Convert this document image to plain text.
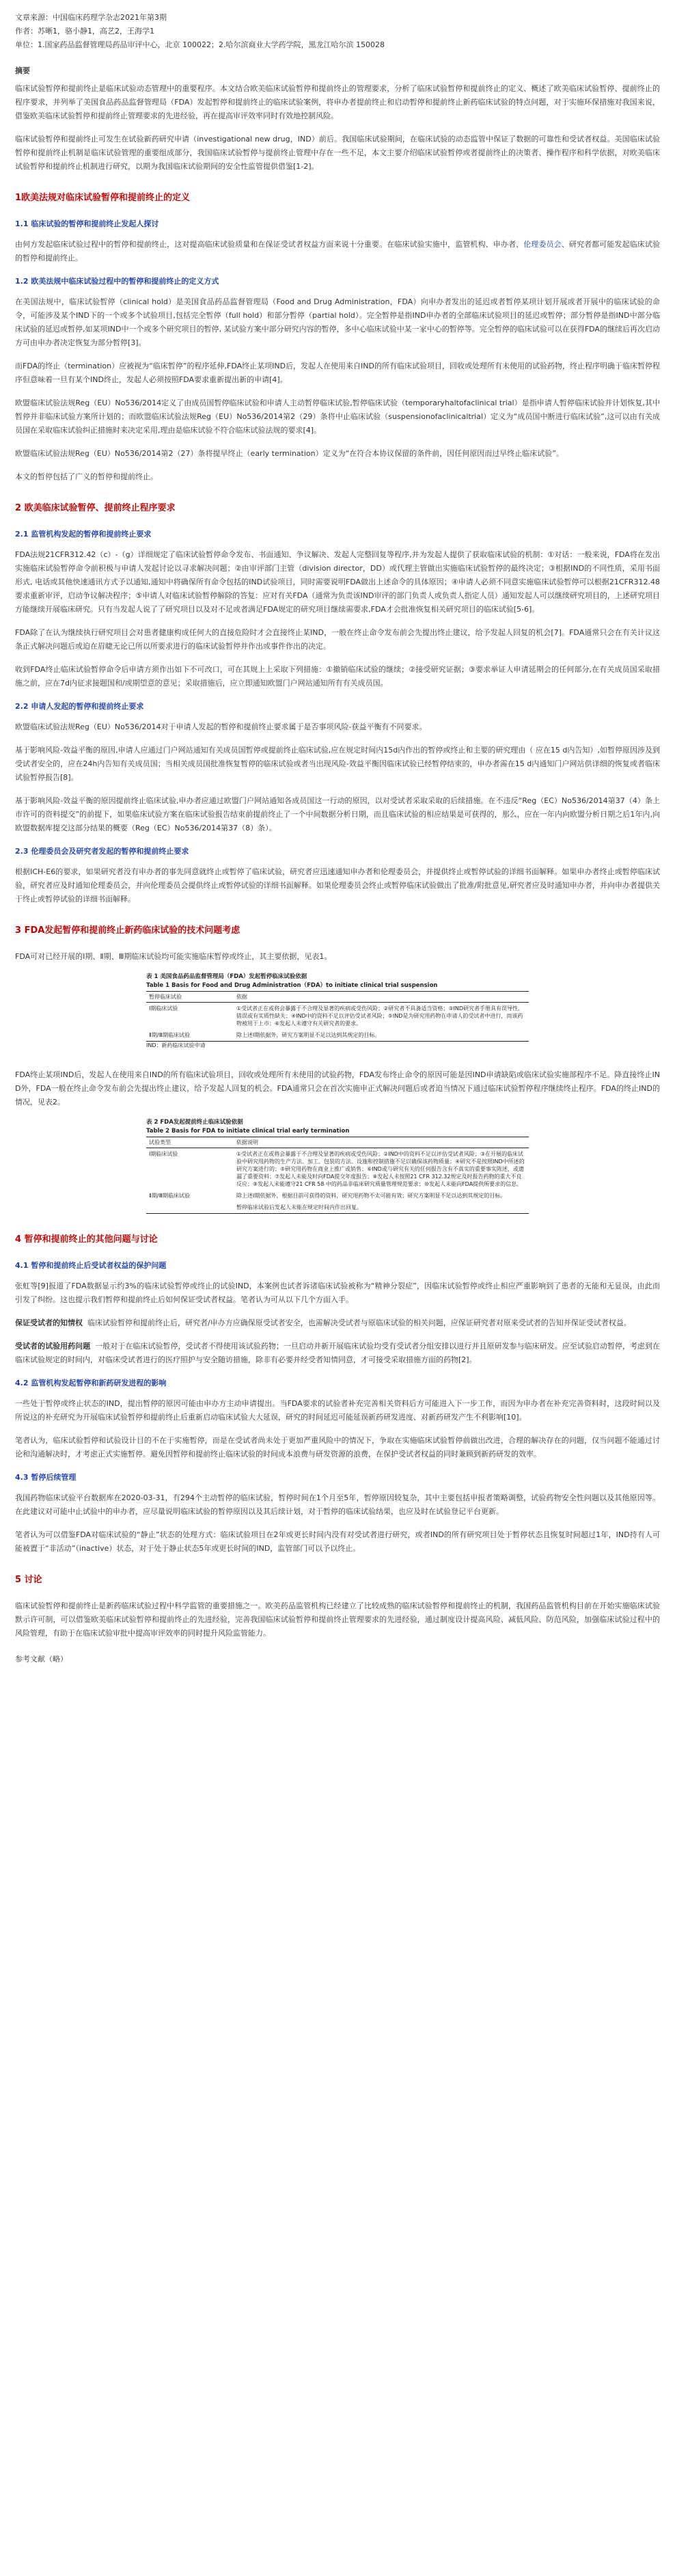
文章来源：中国临床药理学杂志2021年第3期

作者：苏晰1，骆小静1，高艺2，王海学1

单位：1.国家药品监督管理局药品审评中心，北京 100022；2.哈尔滨商业大学药学院，黑龙江哈尔滨 150028

摘要

临床试验暂停和提前终止是临床试验动态管理中的重要程序。本文结合欧美临床试验暂停和提前终止的管理要求，分析了临床试验暂停和提前终止的定义、概述了欧美临床试验暂停、提前终止的程序要求，并列举了美国食品药品监督管理局（FDA）发起暂停和提前终止的临床试验案例，将申办者提前终止和启动暂停和提前终止新药临床试验的特点问题，对于实施环保措施对我国来说，借鉴欧美临床试验暂停和提前终止管理要求的先进经验，再在提高审评效率同时有效地控制风险。

临床试验暂停和提前终止可发生在试验新药研究申请（investigational new drug，IND）前后。我国临床试验期间，在临床试验的动态监管中保证了数据的可靠性和受试者权益。美国临床试验暂停和提前终止机制是临床试验管理的重要组成部分，我国临床试验暂停与提前终止管理中存在一些不足，本文主要介绍临床试验暂停或者提前终止的决策者、操作程序和科学依据，对欧美临床试验暂停和提前终止机制进行研究，以期为我国临床试验期间的安全性监管提供借鉴[1-2]。

1欧美法规对临床试验暂停和提前终止的定义
1.1 临床试验的暂停和提前终止发起人探讨

由何方发起临床试验过程中的暂停和提前终止，这对提高临床试验质量和在保证受试者权益方面来说十分重要。在临床试验实施中，监管机构、申办者、伦理委员会、研究者都可能发起临床试验的暂停和提前终止。

1.2 欧美法规中临床试验过程中的暂停和提前终止的定义方式

在美国法规中，临床试验暂停（clinical hold）是美国食品药品监督管理局（Food and Drug Administration，FDA）向申办者发出的延迟或者暂停某项计划开展或者开展中的临床试验的命令，可能涉及某个IND下的一个或多个试验项目,包括完全暂停（full hold）和部分暂停（partial hold）。完全暂停是指IND申办者的全部临床试验项目的延迟或暂停；部分暂停是指IND中部分临床试验的延迟或暂停,如某项IND中一个或多个研究项目的暂停, 某试验方案中部分研究内容的暂停，多中心临床试验中某一家中心的暂停等。完全暂停的临床试验可以在获得FDA的继续后再次启动方可由申办者决定恢复为部分暂停[3]。

而FDA的终止（termination）应被视为“临床暂停”的程序延伸,FDA终止某项IND后，发起人在使用来自IND的所有临床试验项目，回收或处理所有未使用的试验药物，终止程序明确于临床暂停程序但意味着一旦有某个IND终止，发起人必须按照FDA要求重新提出新的申请[4]。

欧盟临床试验法规Reg（EU）No536/2014定义了由成员国暂停临床试验和申请人主动暂停临床试验,暂停临床试验（temporaryhaltofaclinical trial）是指申请人暂停临床试验并计划恢复,其中暂停并非临床试验方案所计划的；而欧盟临床试验法规Reg（EU）No536/2014第2（29）条将中止临床试验（suspensionofaclinicaltrial）定义为“成员国中断进行临床试验”,这可以由有关成员国在采取临床试验纠正措施时来决定采用,理由是临床试验不符合临床试验法规的要求[4]。

欧盟临床试验法规Reg（EU）No536/2014第2（27）条将提早终止（early termination）定义为“在符合本协议保留的条件前，因任何原因而过早终止临床试验”。

本文的暂停包括了广义的暂停和提前终止。

2 欧美临床试验暂停、提前终止程序要求
2.1 监管机构发起的暂停和提前终止要求

FDA法规21CFR312.42（c）-（g）详细规定了临床试验暂停命令发布、书面通知、争议解决、发起人完整回复等程序,并为发起人提供了获取临床试验的机制：①对话：一般来说，FDA将在发出实施临床试验暂停命令前积极与申请人发起讨论以寻求解决问题；②由审评部门主管（division director，DD）或代理主管做出实施临床试验暂停的最终决定；③根据IND的不同性质，采用书面形式, 电话或其他快速通讯方式予以通知,通知中将确保所有命令包括的IND试验项目，同时需要说明FDA做出上述命令的具体原因；④申请人必须不同意实施临床试验暂停可以根据21CFR312.48要求重新审评，启动争议解决程序；⑤申请人对临床试验暂停解除的答复：应对有关FDA（通常为负责该IND审评的部门负责人或负责人指定人员）通知发起人可以继续研究项目的，上述研究项目方能继续开展临床研究。只有当发起人说了了研究项目以及对不足或者满足FDA规定的研究项目继续需要求,FDA才会批准恢复相关研究项目的临床试验[5-6]。

FDA除了在认为继续执行研究项目会对患者健康构成任何大的直接危险时才会直接终止某IND，一般在终止命令发布前会先提出终止建议，给予发起人回复的机会[7]。FDA通常只会在有关计议这条正式解决问题后或迫在眉睫无论已所以所要求进行的临床试验暂停并作出或事件作出的决定。

收到FDA终止临床试验暂停命令后申请方须作出如下不可改口，可在其规上上采取下列措施：①撤销临床试验的继续；②接受研究证据；③要求举证人申请延期会的任何部分,在有关成员国采取措施之前，应在7d内征求接题国和/或期望意的意见；采取措施后，应立即通知欧盟门户网站通知所有有关成员国。

2.2 申请人发起的暂停和提前终止要求

欧盟临床试验法规Reg（EU）No536/2014对于申请人发起的暂停和提前终止要求属于是否事项风险-获益平衡有不同要求。

基于影响风险-效益平衡的原因,申请人应通过门户网站通知有关成员国暂停或提前终止临床试验,应在规定时间内15d内作出的暂停或终止和主要的研究理由（ 应在15 d内告知）,如暂停原因涉及到受试者安全的，应在24h内告知有关成员国；当相关成员国批准恢复暂停的临床试验或者当出现风险-效益平衡因临床试验已经暂停结束的，申办者需在15 d内通知门户网站供详细的恢复或者临床试验暂停报告[8]。

基于影响风险-效益平衡的原因提前终止临床试验,申办者应通过欧盟门户网站通知各成员国这一行动的原因，以对受试者采取采取的后续措施。在不违反“Reg（EC）No536/2014第37（4）条上市许可的资料提交”的前提下，如果临床试验方案在临床试验报告结束前提前终止了一个中间数据分析日期，而且临床试验的相应结果是可获得的，那么，应在一年内向欧盟分析日期之后1年内,向欧盟数据库提交这部分结果的概要（Reg（EC）No536/2014第37（8）条）。

2.3 伦理委员会及研究者发起的暂停和提前终止要求

根据ICH-E6的要求，如果研究者没有申办者的事先同意就终止或暂停了临床试验，研究者应迅速通知申办者和伦理委员会，并提供终止或暂停试验的详细书面解释。如果申办者终止或暂停临床试验，研究者应及时通知伦理委员会，并向伦理委员会提供终止或暂停试验的详细书面解释。如果伦理委员会终止或暂停临床试验做出了批准/附批意见,研究者应及时通知申办者，并向申办者提供关于终止或暂停试验的详细书面解释。

3 FDA发起暂停和提前终止新药临床试验的技术问题考虑

FDA可对已经开展的Ⅰ期、Ⅱ期、Ⅲ期临床试验均可能实施临床暂停或终止，其主要依据，见表1。

表 1 美国食品药品监督管理局（FDA）发起暂停临床试验依据
Table 1 Basis for Food and Drug Administration（FDA）to initiate clinical trial suspension
暂停临床试验	依据
Ⅰ期临床试验	①受试者正在或将会暴露于不合理及显著的疾病或受伤风险；②研究者不具备适当资格；③IND研究者手册具有误导性、错误或有实质性缺失；④IND中的资料不足以评估受试者风险；⑤IND是为研究用药物在申请人的受试者中进行，而该药物被用于上市；⑥发起人未遵守有关研究者的要求。
Ⅱ期/Ⅲ期临床试验	除上述Ⅰ期依据外，研究方案明显不足以达到其规定的目标。
IND：新药临床试验申请

FDA终止某项IND后，发起人在使用来自IND的所有临床试验项目，回收或处理所有未使用的试验药物，FDA发布终止命令的原因可能是因IND申请缺陷或临床试验实施部程序不足。降直接终止IND外，FDA一般在终止命令发布前会先提出终止建议，给予发起人回复的机会。FDA通常只会在首次实施申正式解决问题后或者迫当情况下通过临床试验暂停程序继续终止程序。FDA的终止IND的情况，见表2。

表 2 FDA发起提前终止临床试验依据
Table 2 Basis for FDA to initiate clinical trial early termination
试验类型	依据说明
Ⅰ期临床试验	①受试者正在或将会暴露于不合理及显著的疾病或受伤风险；②IND中的资料不足以评估受试者风险；③在开展的临床试验中研究用药物的生产方法、加工、包装的方法、设施和控制措施不足以确保该药物质量；④研究不是按照IND中所述的研究方案进行的；⑤研究用药物在商业上推广或销售；⑥IND或与研究有关的任何报告含有不真实的重要事实陈述，或遗漏了重要资料；⑦发起人未能及时向FDA提交年度报告；⑧发起人未按照21 CFR 312.32规定及时报告药物的重大不良反应；⑨发起人未能遵守21 CFR 58 中的药品非临床研究质量管理规范要求；⑩发起人未能向FDA提供所要求的信息。
Ⅱ期/Ⅲ期临床试验	除上述Ⅰ期依据外，根据目前可获得的资料，研究用药物不太可能有效；研究方案明显不足以达到其规定的目标。
	暂停临床试验后发起人未能在规定时间内作出回复。
4 暂停和提前终止的其他问题与讨论
4.1 暂停和提前终止后受试者权益的保护问题

张虹等[9]报道了FDA数据显示约3%的临床试验暂停或终止的试验IND，本案例也试者诉诸临床试验被称为“精神分裂症”，因临床试验暂停或终止相应严重影响到了患者的无能和无显误，由此而引发了纠纷。这也提示我们暂停和提前终止后如何保证受试者权益。笔者认为可从以下几个方面入手。

保证受试者的知情权 临床试验暂停和提前终止后，研究者/申办方应确保原受试者安全，也需解决受试者与原临床试验的相关问题，应保证研究者对原来受试者的告知并保证受试者权益。

受试者的试验用药问题 一般对于在临床试验暂停，受试者不得使用该试验药物；一旦启动并新开展临床试验均受有受试者分组安排以进行并且原研发参与临床研发。应至试验启动暂停，考虑到在临床试验规定的时间内，对临床受试者进行的医疗照护与安全随访措施，除非有必要并经受者知情同意，才可接受采取措施方面的药物[2]。

4.2 监管机构发起暂停和新药研发进程的影响

一些处于暂停或终止状态的IND，提出暂停的原因可能由申办方主动申请提出。当FDA要求的试验者补充完善相关资料后方可能进入下一步工作，而因为申办者在补充完善资料时，这段时间以及所说这的补充研究为开展临床试验暂停和提前终止后重新启动临床试验大大延误，研究的时间延迟可能延误新药研发进度、对新药研发产生不利影响[10]。

笔者认为，临床试验暂停和试验设计目的不在于实施暂停，而是在受试者尚未处于更加严重风险中的情况下，争取在实施临床试验暂停前做出改进，合理的解决存在的问题，仅当问题不能通过讨论和沟通解决时，才考虑正式实施暂停。避免因暂停和提前终止临床试验的时间成本浪费与研发资源的浪费，在保护受试者权益的同时兼顾到新药研发的效率。

4.3 暂停后续管理

我国药物临床试验平台数据库在2020-03-31，有294个主动暂停的临床试验，暂停时间在1个月至5年，暂停原因较复杂，其中主要包括申报者策略调整，试验药物安全性问题以及其他原因等。在此建议对可能中止试验中的申办者，应尽量说明临床试验的暂停原因以及其后续计划，对于暂停的临床试验结果，也应及时在试验登记平台更新。

笔者认为可以借鉴FDA对临床试验的“静止”状态的处理方式：临床试验项目在2年或更长时间内没有对受试者进行研究，或者IND的所有研究项目处于暂停状态且恢复时间超过1年，IND持有人可能被置于“非活动”（inactive）状态，对于处于静止状态5年或更长时间的IND，监管部门可以予以终止。

5 讨论

临床试验暂停和提前终止是新药临床试验过程中科学监管的重要措施之一。欧美药品监管机构已经建立了比较成熟的临床试验暂停和提前终止的机制，我国药品监管机构目前在开始实施临床试验默示许可制，可以借鉴欧美临床试验暂停和提前终止的先进经验，完善我国临床试验暂停和提前终止管理要求的先进经验，通过制度设计提高风险、减低风险、防范风险，加强临床试验过程中的风险管理，有助于在临床试验审批中提高审评效率的同时提升风险监管能力。

参考文献（略）
